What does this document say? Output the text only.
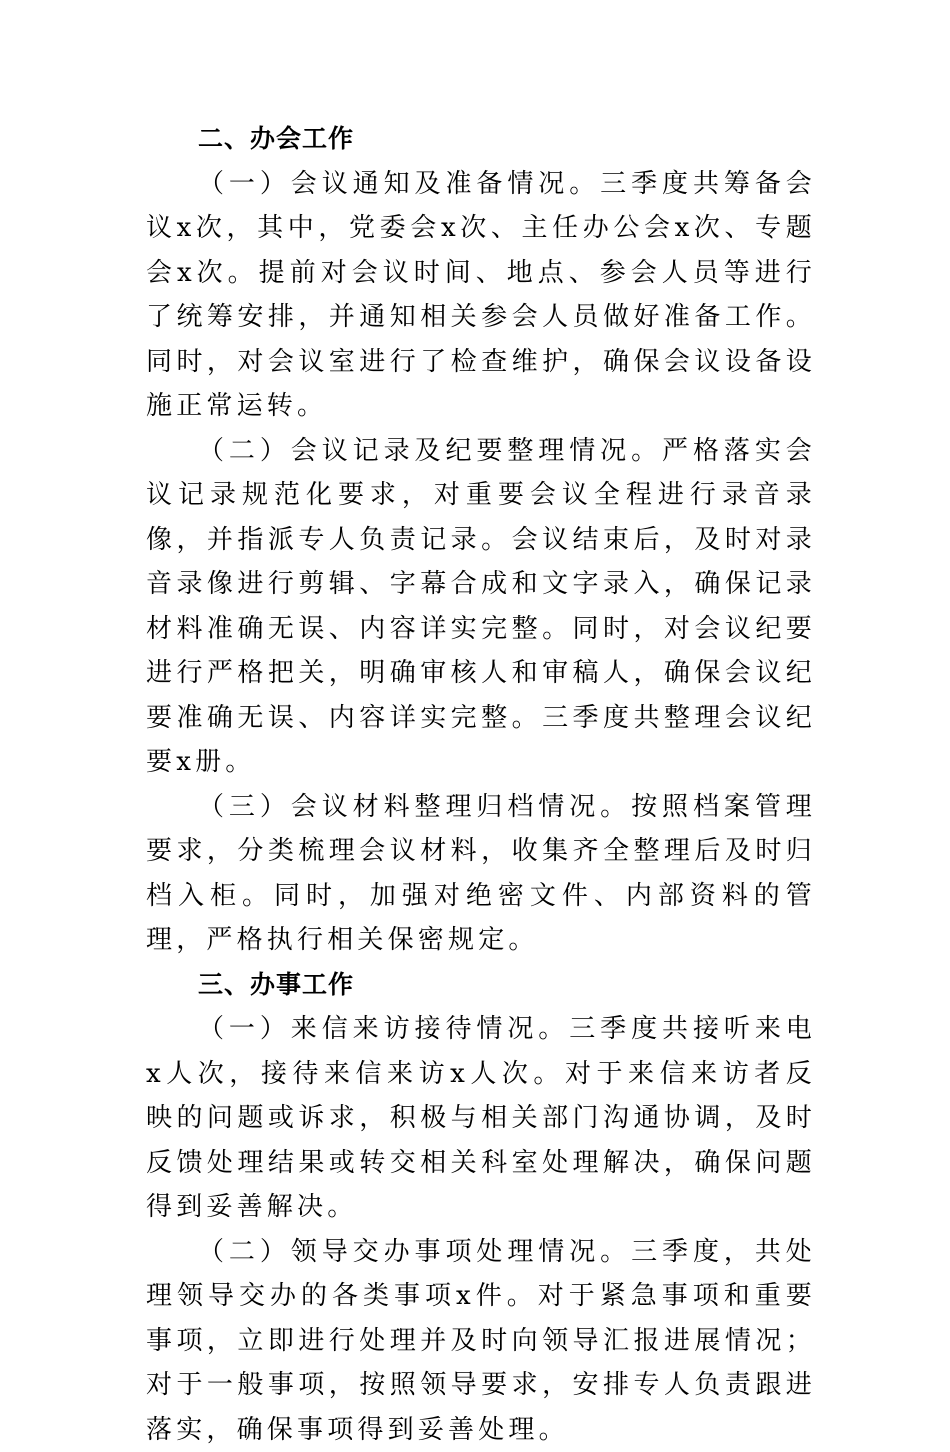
二、办会工作

（一）会议通知及准备情况。三季度共筹备会议x次，其中，党委会x次、主任办公会x次、专题会x次。提前对会议时间、地点、参会人员等进行了统筹安排，并通知相关参会人员做好准备工作。同时，对会议室进行了检查维护，确保会议设备设施正常运转。

（二）会议记录及纪要整理情况。严格落实会议记录规范化要求，对重要会议全程进行录音录像，并指派专人负责记录。会议结束后，及时对录音录像进行剪辑、字幕合成和文字录入，确保记录材料准确无误、内容详实完整。同时，对会议纪要进行严格把关，明确审核人和审稿人，确保会议纪要准确无误、内容详实完整。三季度共整理会议纪要x册。

（三）会议材料整理归档情况。按照档案管理要求，分类梳理会议材料，收集齐全整理后及时归档入柜。同时，加强对绝密文件、内部资料的管理，严格执行相关保密规定。

三、办事工作

（一）来信来访接待情况。三季度共接听来电x人次，接待来信来访x人次。对于来信来访者反映的问题或诉求，积极与相关部门沟通协调，及时反馈处理结果或转交相关科室处理解决，确保问题得到妥善解决。

（二）领导交办事项处理情况。三季度，共处理领导交办的各类事项x件。对于紧急事项和重要事项，立即进行处理并及时向领导汇报进展情况；对于一般事项，按照领导要求，安排专人负责跟进落实，确保事项得到妥善处理。
